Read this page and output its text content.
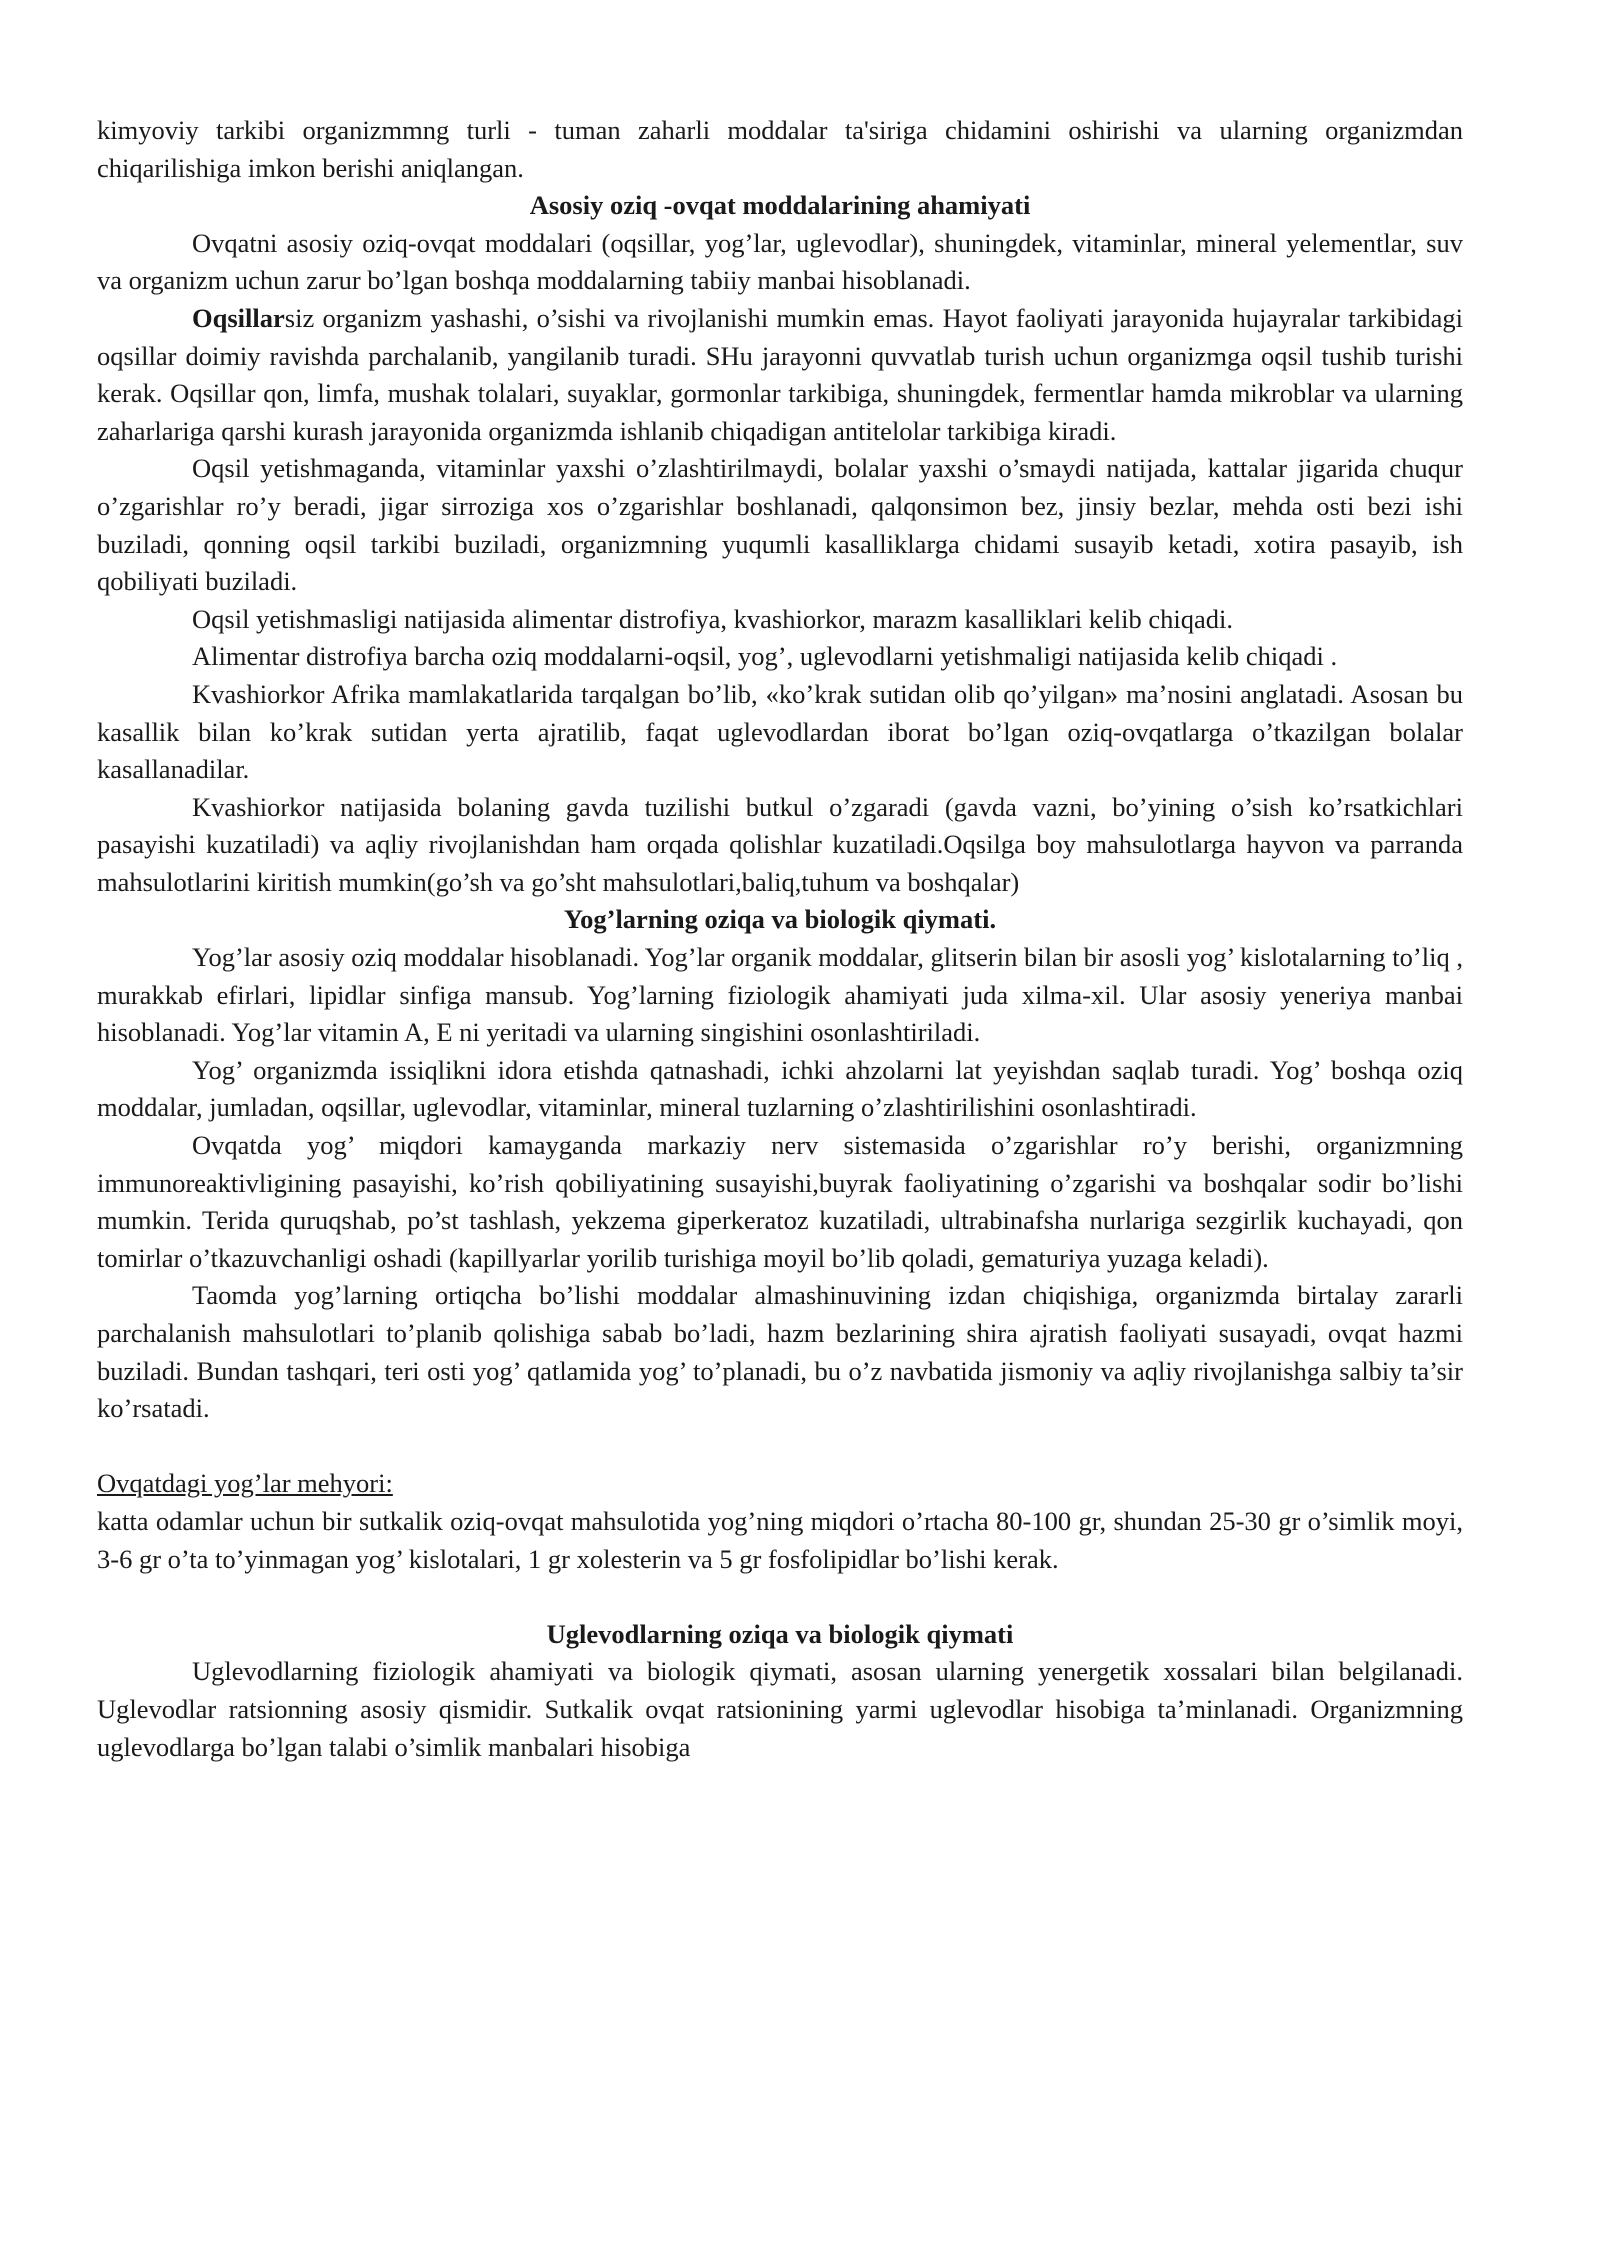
kimyoviy tarkibi organizmmng turli - tuman zaharli moddalar ta'siriga chidamini oshirishi va ularning organizmdan chiqarilishiga imkon berishi aniqlangan.

Asosiy oziq -ovqat moddalarining ahamiyati

Ovqatni asosiy oziq-ovqat moddalari (oqsillar, yog’lar, uglevodlar), shuningdek, vitaminlar, mineral yelementlar, suv va organizm uchun zarur bo’lgan boshqa moddalarning tabiiy manbai hisoblanadi.

Oqsillarsiz organizm yashashi, o’sishi va rivojlanishi mumkin emas. Hayot faoliyati jarayonida hujayralar tarkibidagi oqsillar doimiy ravishda parchalanib, yangilanib turadi. SHu jarayonni quvvatlab turish uchun organizmga oqsil tushib turishi kerak. Oqsillar qon, limfa, mushak tolalari, suyaklar, gormonlar tarkibiga, shuningdek, fermentlar hamda mikroblar va ularning zaharlariga qarshi kurash jarayonida organizmda ishlanib chiqadigan antitelolar tarkibiga kiradi.

Oqsil yetishmaganda, vitaminlar yaxshi o’zlashtirilmaydi, bolalar yaxshi o’smaydi natijada, kattalar jigarida chuqur o’zgarishlar ro’y beradi, jigar sirroziga xos o’zgarishlar boshlanadi, qalqonsimon bez, jinsiy bezlar, mehda osti bezi ishi buziladi, qonning oqsil tarkibi buziladi, organizmning yuqumli kasalliklarga chidami susayib ketadi, xotira pasayib, ish qobiliyati buziladi.

Oqsil yetishmasligi natijasida alimentar distrofiya, kvashiorkor, marazm kasalliklari kelib chiqadi.

Alimentar distrofiya barcha oziq moddalarni-oqsil, yog’, uglevodlarni yetishmaligi natijasida kelib chiqadi .

Kvashiorkor Afrika mamlakatlarida tarqalgan bo’lib, «ko’krak sutidan olib qo’yilgan» ma’nosini anglatadi. Asosan bu kasallik bilan ko’krak sutidan yerta ajratilib, faqat uglevodlardan iborat bo’lgan oziq-ovqatlarga o’tkazilgan bolalar kasallanadilar.

Kvashiorkor natijasida bolaning gavda tuzilishi butkul o’zgaradi (gavda vazni, bo’yining o’sish ko’rsatkichlari pasayishi kuzatiladi) va aqliy rivojlanishdan ham orqada qolishlar kuzatiladi.Oqsilga boy mahsulotlarga hayvon va parranda mahsulotlarini kiritish mumkin(go’sh va go’sht mahsulotlari,baliq,tuhum va boshqalar)

Yog’larning oziqa va biologik qiymati.

Yog’lar asosiy oziq moddalar hisoblanadi. Yog’lar organik moddalar, glitserin bilan bir asosli yog’ kislotalarning to’liq , murakkab efirlari, lipidlar sinfiga mansub. Yog’larning fiziologik ahamiyati juda xilma-xil. Ular asosiy yeneriya manbai hisoblanadi. Yog’lar vitamin A, E ni yeritadi va ularning singishini osonlashtiriladi.

Yog’ organizmda issiqlikni idora etishda qatnashadi, ichki ahzolarni lat yeyishdan saqlab turadi. Yog’ boshqa oziq moddalar, jumladan, oqsillar, uglevodlar, vitaminlar, mineral tuzlarning o’zlashtirilishini osonlashtiradi.

Ovqatda yog’ miqdori kamayganda markaziy nerv sistemasida o’zgarishlar ro’y berishi, organizmning immunoreaktivligining pasayishi, ko’rish qobiliyatining susayishi,buyrak faoliyatining o’zgarishi va boshqalar sodir bo’lishi mumkin. Terida quruqshab, po’st tashlash, yekzema giperkeratoz kuzatiladi, ultrabinafsha nurlariga sezgirlik kuchayadi, qon tomirlar o’tkazuvchanligi oshadi (kapillyarlar yorilib turishiga moyil bo’lib qoladi, gematuriya yuzaga keladi).

Taomda yog’larning ortiqcha bo’lishi moddalar almashinuvining izdan chiqishiga, organizmda birtalay zararli parchalanish mahsulotlari to’planib qolishiga sabab bo’ladi, hazm bezlarining shira ajratish faoliyati susayadi, ovqat hazmi buziladi. Bundan tashqari, teri osti yog’ qatlamida yog’ to’planadi, bu o’z navbatida jismoniy va aqliy rivojlanishga salbiy ta’sir ko’rsatadi.

Ovqatdagi yog’lar mehyori:

katta odamlar uchun bir sutkalik oziq-ovqat mahsulotida yog’ning miqdori o’rtacha 80-100 gr, shundan 25-30 gr o’simlik moyi, 3-6 gr o’ta to’yinmagan yog’ kislotalari, 1 gr xolesterin va 5 gr fosfolipidlar bo’lishi kerak.

Uglevodlarning oziqa va biologik qiymati

Uglevodlarning fiziologik ahamiyati va biologik qiymati, asosan ularning yenergetik xossalari bilan belgilanadi. Uglevodlar ratsionning asosiy qismidir. Sutkalik ovqat ratsionining yarmi uglevodlar hisobiga ta’minlanadi. Organizmning uglevodlarga bo’lgan talabi o’simlik manbalari hisobiga
